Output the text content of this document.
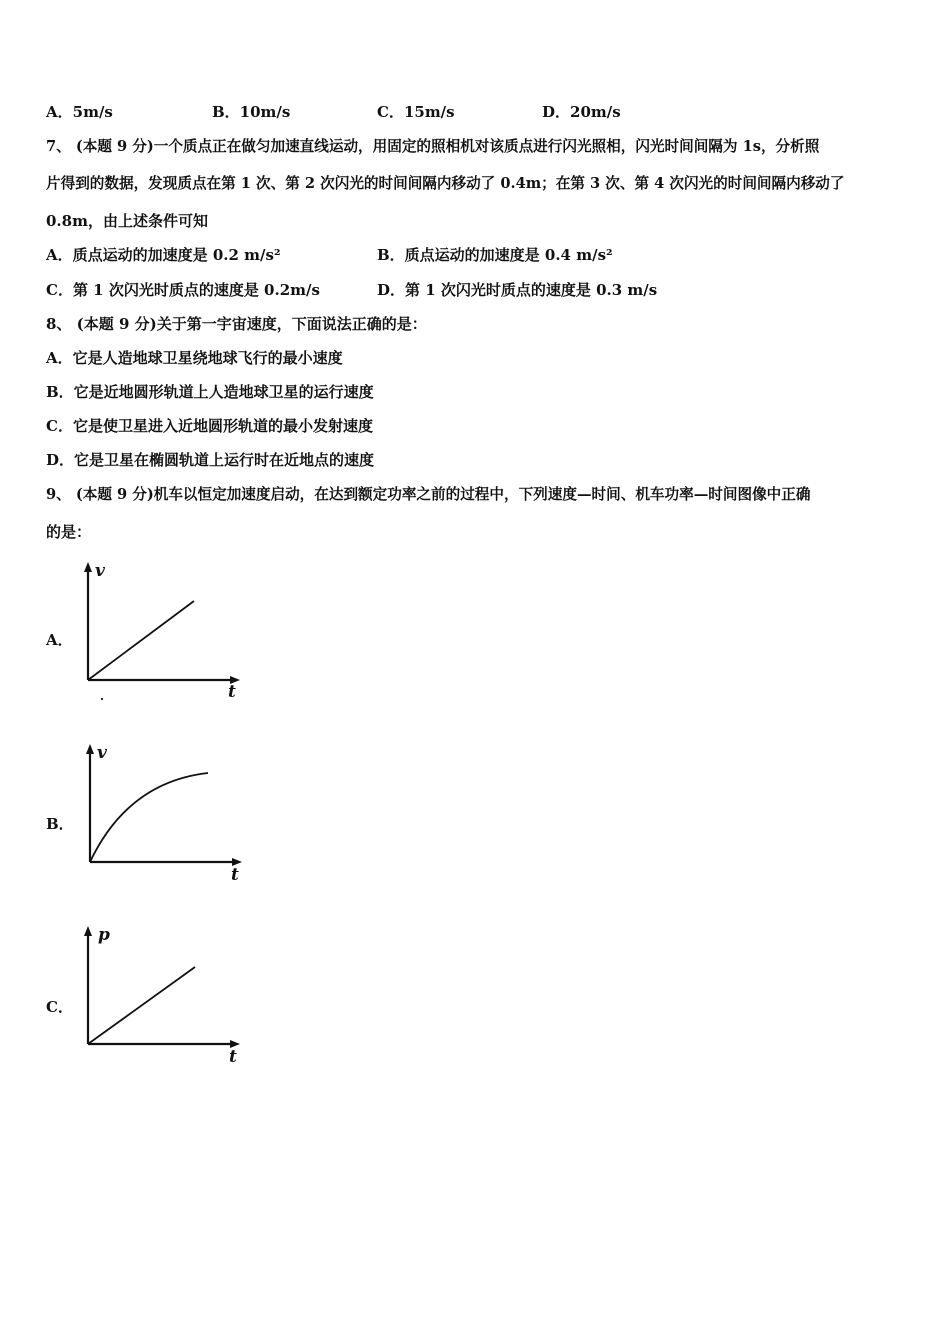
A．5m/s	B．10m/s	C．15m/s	D．20m/s
7、 (本题 9 分)一个质点正在做匀加速直线运动，用固定的照相机对该质点进行闪光照相，闪光时间间隔为 1s，分析照
片得到的数据，发现质点在第 1 次、第 2 次闪光的时间间隔内移动了 0.4m；在第 3 次、第 4 次闪光的时间间隔内移动了
0.8m，由上述条件可知
A．质点运动的加速度是 0.2 m/s²	B．质点运动的加速度是 0.4 m/s²
C．第 1 次闪光时质点的速度是 0.2m/s	D．第 1 次闪光时质点的速度是 0.3 m/s
8、 (本题 9 分)关于第一宇宙速度，下面说法正确的是：
A．它是人造地球卫星绕地球飞行的最小速度
B．它是近地圆形轨道上人造地球卫星的运行速度
C．它是使卫星进入近地圆形轨道的最小发射速度
D．它是卫星在椭圆轨道上运行时在近地点的速度
9、 (本题 9 分)机车以恒定加速度启动，在达到额定功率之前的过程中，下列速度—时间、机车功率—时间图像中正确
的是：
A．
v
t
B．
v
t
C．
p
t
